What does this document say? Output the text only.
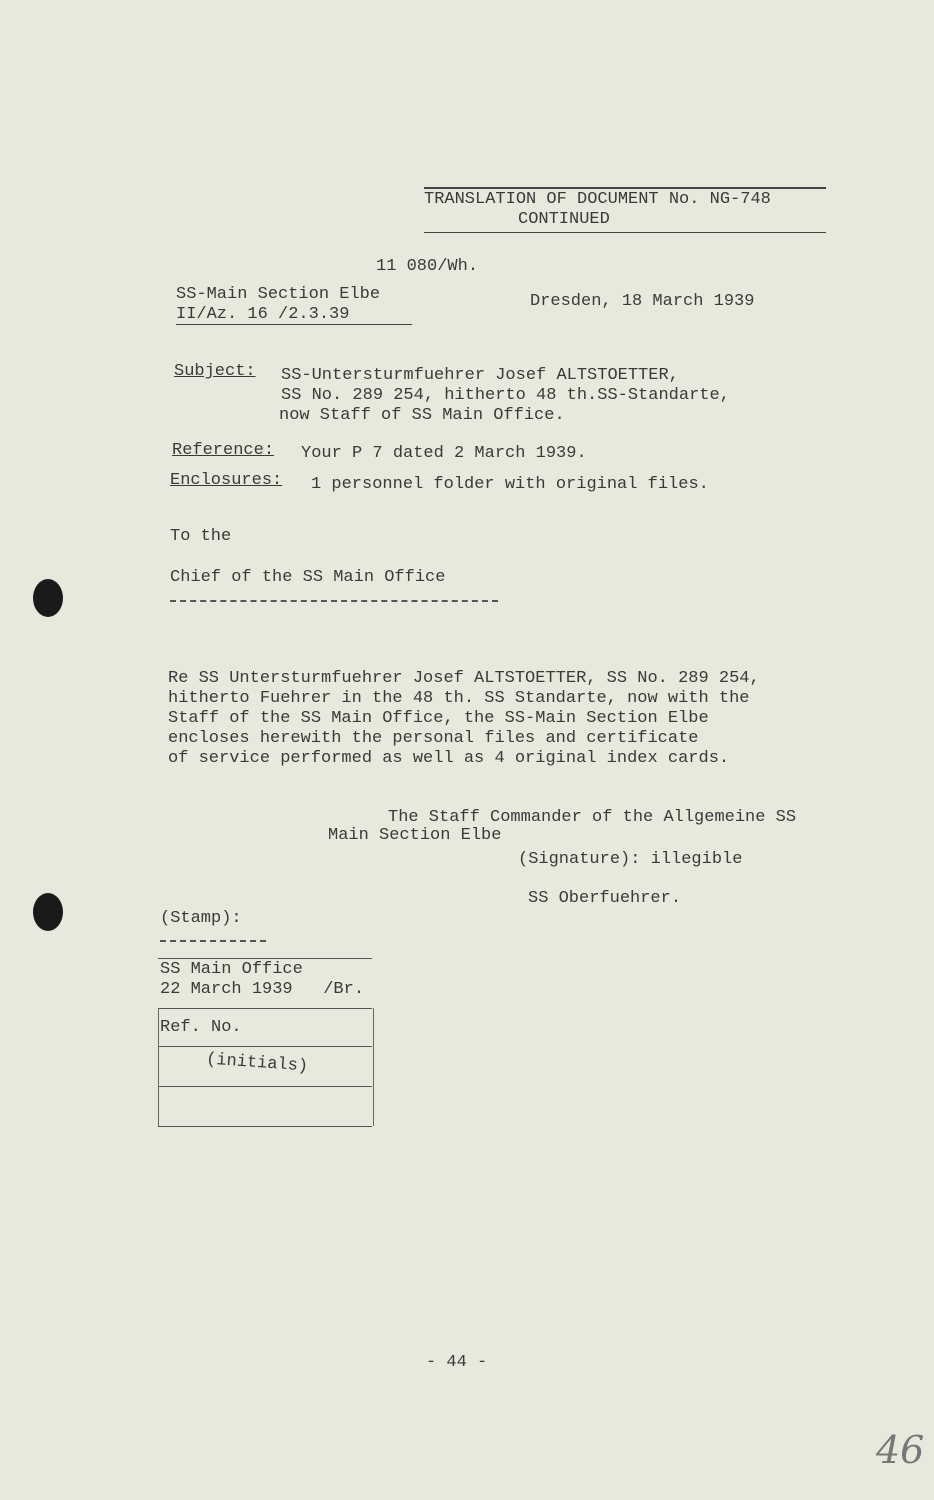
TRANSLATION OF DOCUMENT No. NG-748
CONTINUED
11 080/Wh.
SS-Main Section Elbe
II/Az. 16 /2.3.39
Dresden, 18 March 1939
Subject: SS-Untersturmfuehrer Josef ALTSTOETTER,
SS No. 289 254, hitherto 48 th.SS-Standarte,
now Staff of SS Main Office.
Reference: Your P 7 dated 2 March 1939.
Enclosures: 1 personnel folder with original files.
To the
Chief of the SS Main Office
Re SS Untersturmfuehrer Josef ALTSTOETTER, SS No. 289 254,
hitherto Fuehrer in the 48 th. SS Standarte, now with the
Staff of the SS Main Office, the SS-Main Section Elbe
encloses herewith the personal files and certificate
of service performed as well as 4 original index cards.
The Staff Commander of the Allgemeine SS
Main Section Elbe
(Signature): illegible
SS Oberfuehrer.
(Stamp):
SS Main Office
22 March 1939   /Br.
Ref. No.
(initials)
- 44 -
46
